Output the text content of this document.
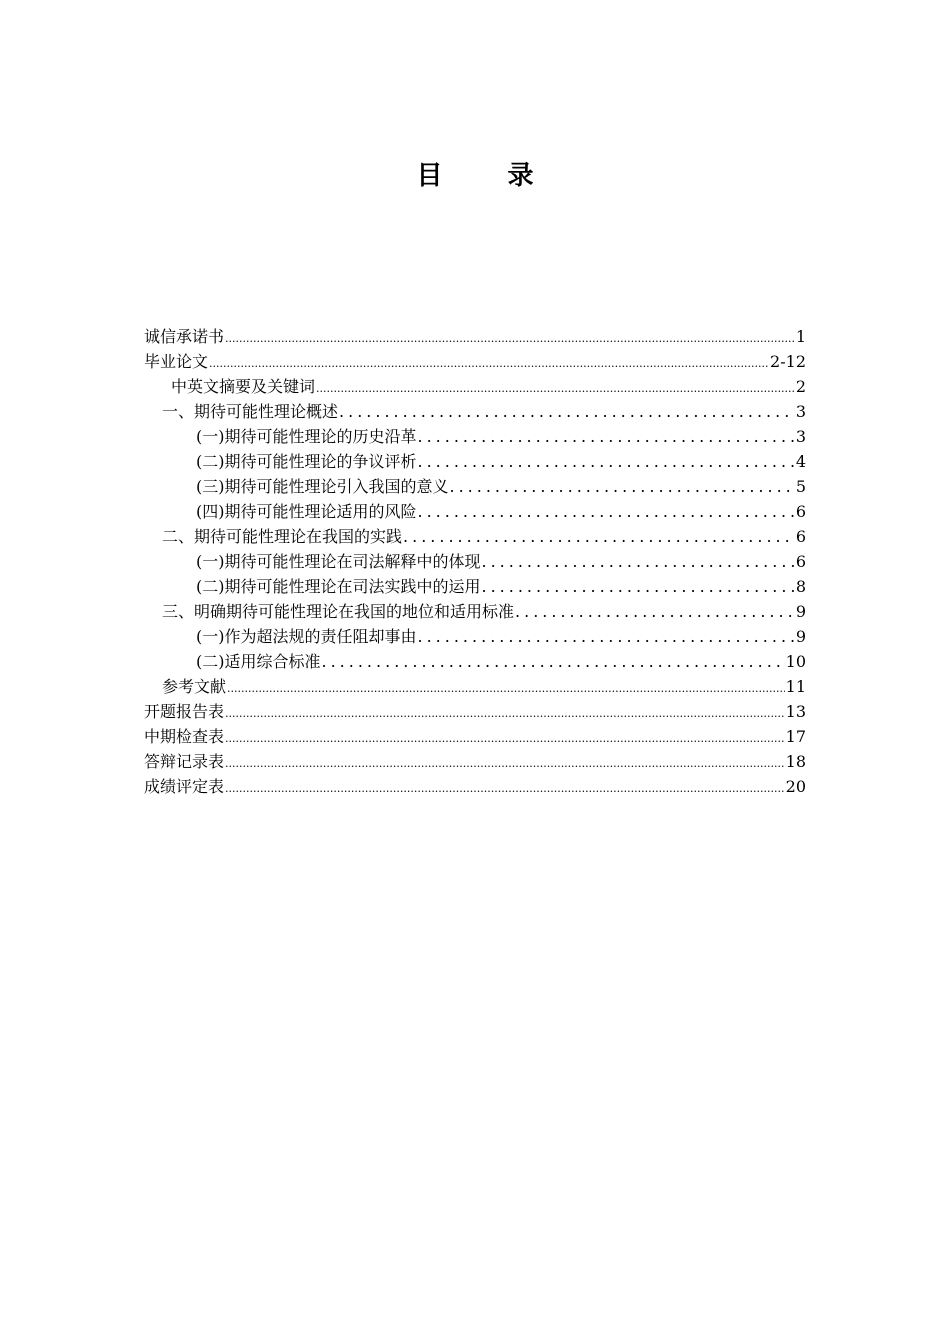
目 录
诚信承诺书 .....	1
毕业论文 .....	2-12
中英文摘要及关键词 .....	2
一、期待可能性理论概述 .....	3
(一)期待可能性理论的历史沿革 .....	3
(二)期待可能性理论的争议评析 .....	4
(三)期待可能性理论引入我国的意义 .....	5
(四)期待可能性理论适用的风险 .....	6
二、期待可能性理论在我国的实践 .....	6
(一)期待可能性理论在司法解释中的体现 .....	6
(二)期待可能性理论在司法实践中的运用 .....	8
三、明确期待可能性理论在我国的地位和适用标准 .....	9
(一)作为超法规的责任阻却事由 .....	9
(二)适用综合标准 .....	10
参考文献 .....	11
开题报告表 .....	13
中期检查表 .....	17
答辩记录表 .....	18
成绩评定表 .....	20
